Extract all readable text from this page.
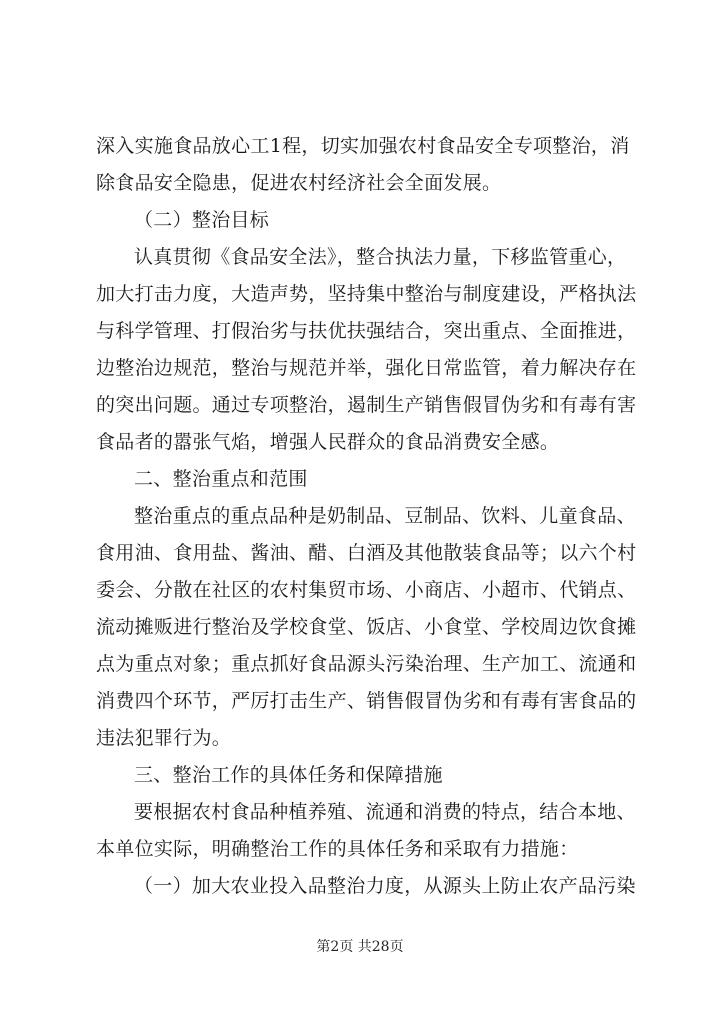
深入实施食品放心工1程，切实加强农村食品安全专项整治，消
除食品安全隐患，促进农村经济社会全面发展。
（二）整治目标
认真贯彻《食品安全法》，整合执法力量，下移监管重心，
加大打击力度，大造声势，坚持集中整治与制度建设，严格执法
与科学管理、打假治劣与扶优扶强结合，突出重点、全面推进，
边整治边规范，整治与规范并举，强化日常监管，着力解决存在
的突出问题。通过专项整治，遏制生产销售假冒伪劣和有毒有害
食品者的嚣张气焰，增强人民群众的食品消费安全感。
二、整治重点和范围
整治重点的重点品种是奶制品、豆制品、饮料、儿童食品、
食用油、食用盐、酱油、醋、白酒及其他散装食品等；以六个村
委会、分散在社区的农村集贸市场、小商店、小超市、代销点、
流动摊贩进行整治及学校食堂、饭店、小食堂、学校周边饮食摊
点为重点对象；重点抓好食品源头污染治理、生产加工、流通和
消费四个环节，严厉打击生产、销售假冒伪劣和有毒有害食品的
违法犯罪行为。
三、整治工作的具体任务和保障措施
要根据农村食品种植养殖、流通和消费的特点，结合本地、
本单位实际，明确整治工作的具体任务和采取有力措施：
（一）加大农业投入品整治力度，从源头上防止农产品污染
第2页 共28页
